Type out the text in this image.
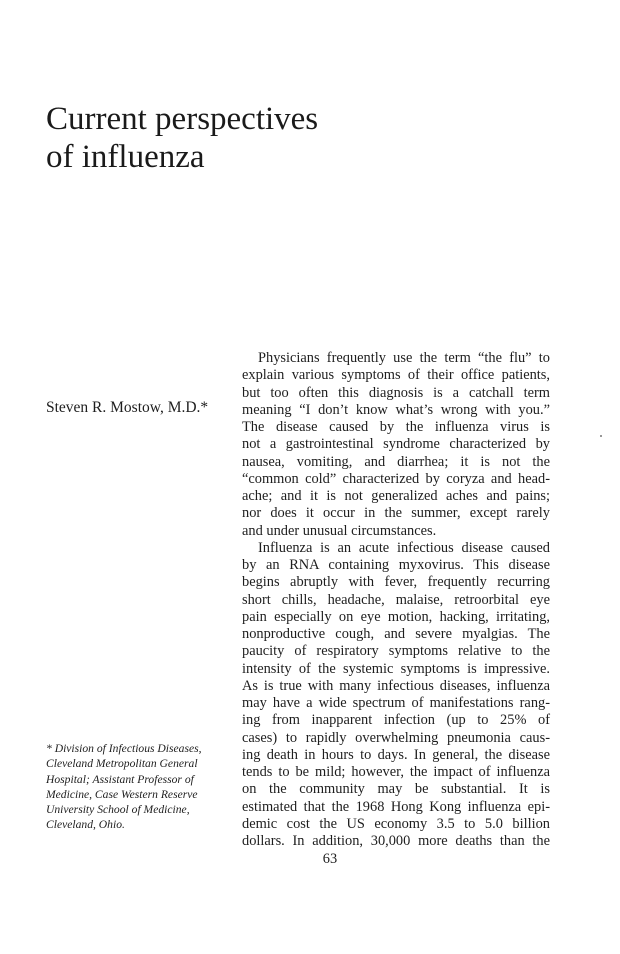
Current perspectives
of influenza
Steven R. Mostow, M.D.*
* Division of Infectious Diseases,
Cleveland Metropolitan General
Hospital; Assistant Professor of
Medicine, Case Western Reserve
University School of Medicine,
Cleveland, Ohio.
Physicians frequently use the term “the flu” to
explain various symptoms of their office patients,
but too often this diagnosis is a catchall term
meaning “I don’t know what’s wrong with you.”
The disease caused by the influenza virus is
not a gastrointestinal syndrome characterized by
nausea, vomiting, and diarrhea; it is not the
“common cold” characterized by coryza and head-
ache; and it is not generalized aches and pains;
nor does it occur in the summer, except rarely
and under unusual circumstances.
Influenza is an acute infectious disease caused
by an RNA containing myxovirus. This disease
begins abruptly with fever, frequently recurring
short chills, headache, malaise, retroorbital eye
pain especially on eye motion, hacking, irritating,
nonproductive cough, and severe myalgias. The
paucity of respiratory symptoms relative to the
intensity of the systemic symptoms is impressive.
As is true with many infectious diseases, influenza
may have a wide spectrum of manifestations rang-
ing from inapparent infection (up to 25% of
cases) to rapidly overwhelming pneumonia caus-
ing death in hours to days. In general, the disease
tends to be mild; however, the impact of influenza
on the community may be substantial. It is
estimated that the 1968 Hong Kong influenza epi-
demic cost the US economy 3.5 to 5.0 billion
dollars. In addition, 30,000 more deaths than the
63
